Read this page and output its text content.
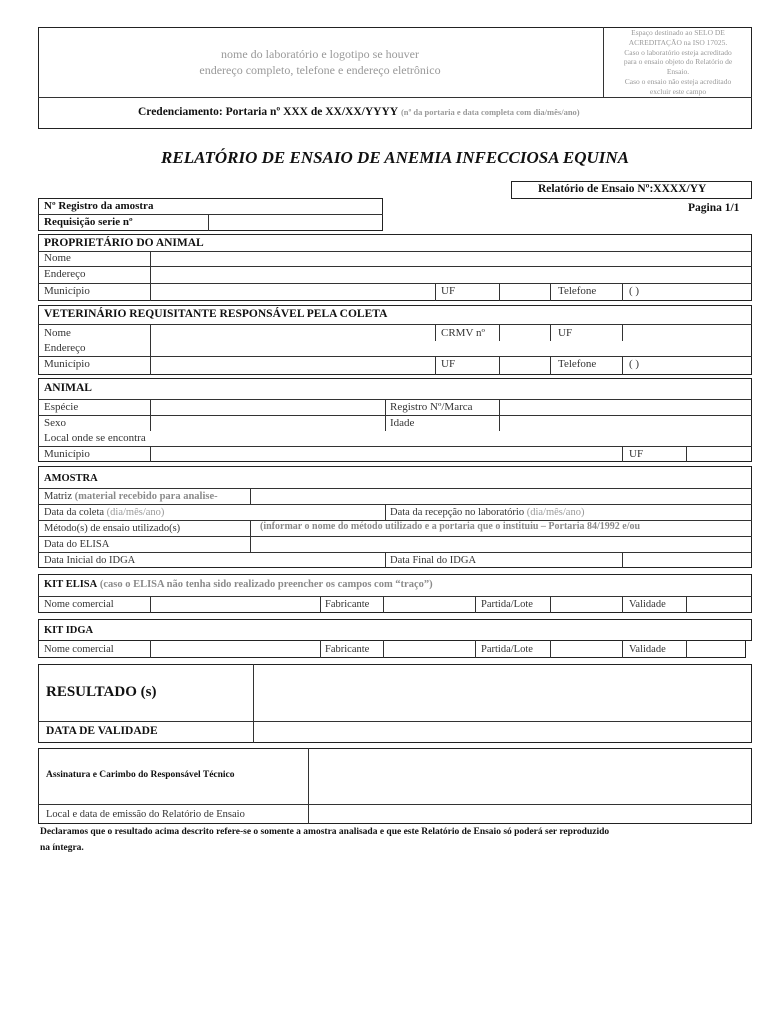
nome do laboratório e logotipo se houver
endereço completo, telefone e endereço eletrônico
Espaço destinado ao SELO DE
ACREDITAÇÃO na ISO 17025.
Caso o laboratório esteja acreditado
para o ensaio objeto do Relatório de
Ensaio.
Caso o ensaio não esteja acreditado
excluir este campo
Credenciamento: Portaria nº XXX de XX/XX/YYYY (nº da portaria e data completa com dia/mês/ano)
RELATÓRIO DE ENSAIO DE ANEMIA INFECCIOSA EQUINA
Relatório de Ensaio Nº:XXXX/YY
Pagina 1/1
Nº Registro da amostra
Requisição serie nº
PROPRIETÁRIO DO ANIMAL
Nome
Endereço
Município	UF	Telefone	( )
VETERINÁRIO REQUISITANTE RESPONSÁVEL PELA COLETA
Nome	CRMV nº	UF
Endereço
Município	UF	Telefone	( )
ANIMAL
Espécie	Registro Nº/Marca
Sexo	Idade
Local onde se encontra
Município	UF
AMOSTRA
Matriz (material recebido para analise-
Data da coleta (dia/mês/ano)	Data da recepção no laboratório (dia/mês/ano)
Método(s) de ensaio utilizado(s)	(informar o nome do método utilizado e a portaria que o instituiu – Portaria 84/1992 e/ou
Data do ELISA
Data Inicial do IDGA	Data Final do IDGA
KIT ELISA (caso o ELISA não tenha sido realizado preencher os campos com “traço”)
Nome comercial	Fabricante	Partida/Lote	Validade
KIT IDGA
Nome comercial	Fabricante	Partida/Lote	Validade
RESULTADO (s)
DATA DE VALIDADE
Assinatura e Carimbo do Responsável Técnico
Local e data de emissão do Relatório de Ensaio
Declaramos que o resultado acima descrito refere-se o somente a amostra analisada e que este Relatório de Ensaio só poderá ser reproduzido
na íntegra.
